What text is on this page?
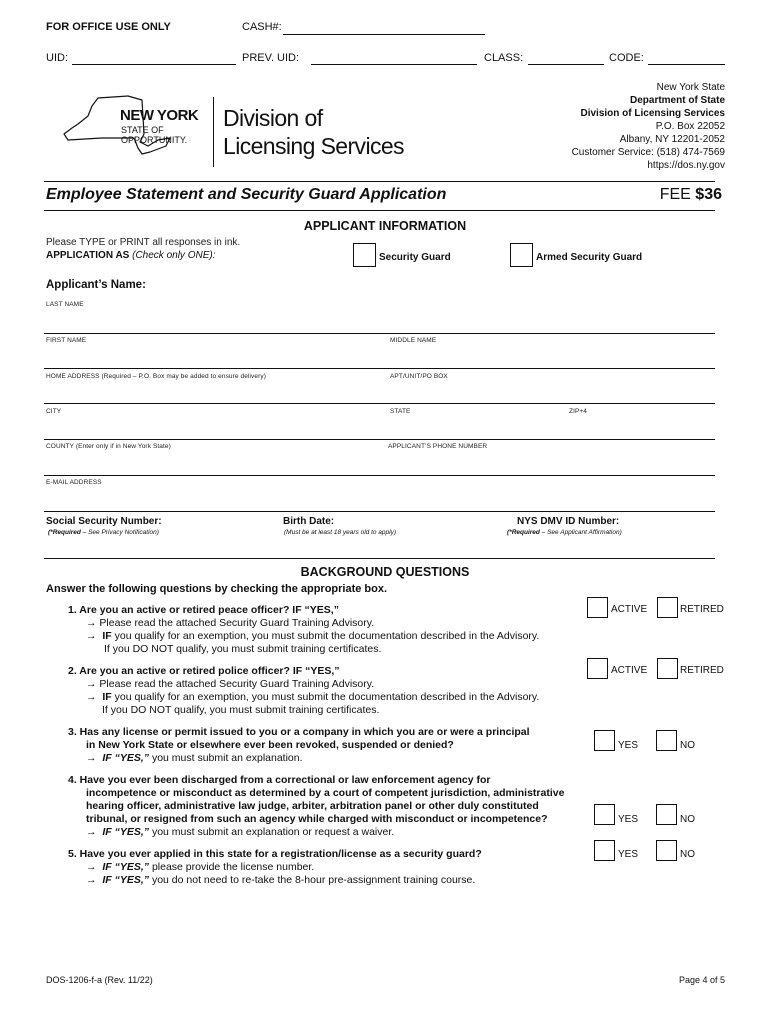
FOR OFFICE USE ONLY	CASH#:
UID:	PREV. UID:	CLASS:	CODE:
NEW YORK
STATE OF
OPPORTUNITY.
Division of
Licensing Services
New York State
Department of State
Division of Licensing Services
P.O. Box 22052
Albany, NY 12201-2052
Customer Service: (518) 474-7569
https://dos.ny.gov
Employee Statement and Security Guard Application	FEE $36
APPLICANT INFORMATION
Please TYPE or PRINT all responses in ink.
APPLICATION AS (Check only ONE):	Security Guard	Armed Security Guard
Applicant’s Name:
LAST NAME
FIRST NAME	MIDDLE NAME
HOME ADDRESS (Required – P.O. Box may be added to ensure delivery)	APT/UNIT/PO BOX
CITY	STATE	ZIP+4
COUNTY (Enter only if in New York State)	APPLICANT’S PHONE NUMBER
E-MAIL ADDRESS
Social Security Number:
(*Required – See Privacy Notification)
Birth Date:
(Must be at least 18 years old to apply)
NYS DMV ID Number:
(*Required – See Applicant Affirmation)
BACKGROUND QUESTIONS
Answer the following questions by checking the appropriate box.
1. Are you an active or retired peace officer? IF “YES,”
→ Please read the attached Security Guard Training Advisory.
→  IF you qualify for an exemption, you must submit the documentation described in the Advisory.
If you DO NOT qualify, you must submit training certificates.
ACTIVE	RETIRED
2. Are you an active or retired police officer? IF “YES,”
→ Please read the attached Security Guard Training Advisory.
→  IF you qualify for an exemption, you must submit the documentation described in the Advisory.
If you DO NOT qualify, you must submit training certificates.
ACTIVE	RETIRED
3. Has any license or permit issued to you or a company in which you are or were a principal
in New York State or elsewhere ever been revoked, suspended or denied?
→  IF “YES,” you must submit an explanation.
YES	NO
4. Have you ever been discharged from a correctional or law enforcement agency for
incompetence or misconduct as determined by a court of competent jurisdiction, administrative
hearing officer, administrative law judge, arbiter, arbitration panel or other duly constituted
tribunal, or resigned from such an agency while charged with misconduct or incompetence?
→  IF “YES,” you must submit an explanation or request a waiver.
YES	NO
5. Have you ever applied in this state for a registration/license as a security guard?
→  IF “YES,” please provide the license number.
→  IF “YES,” you do not need to re-take the 8-hour pre-assignment training course.
YES	NO
DOS-1206-f-a (Rev. 11/22)	Page 4 of 5
